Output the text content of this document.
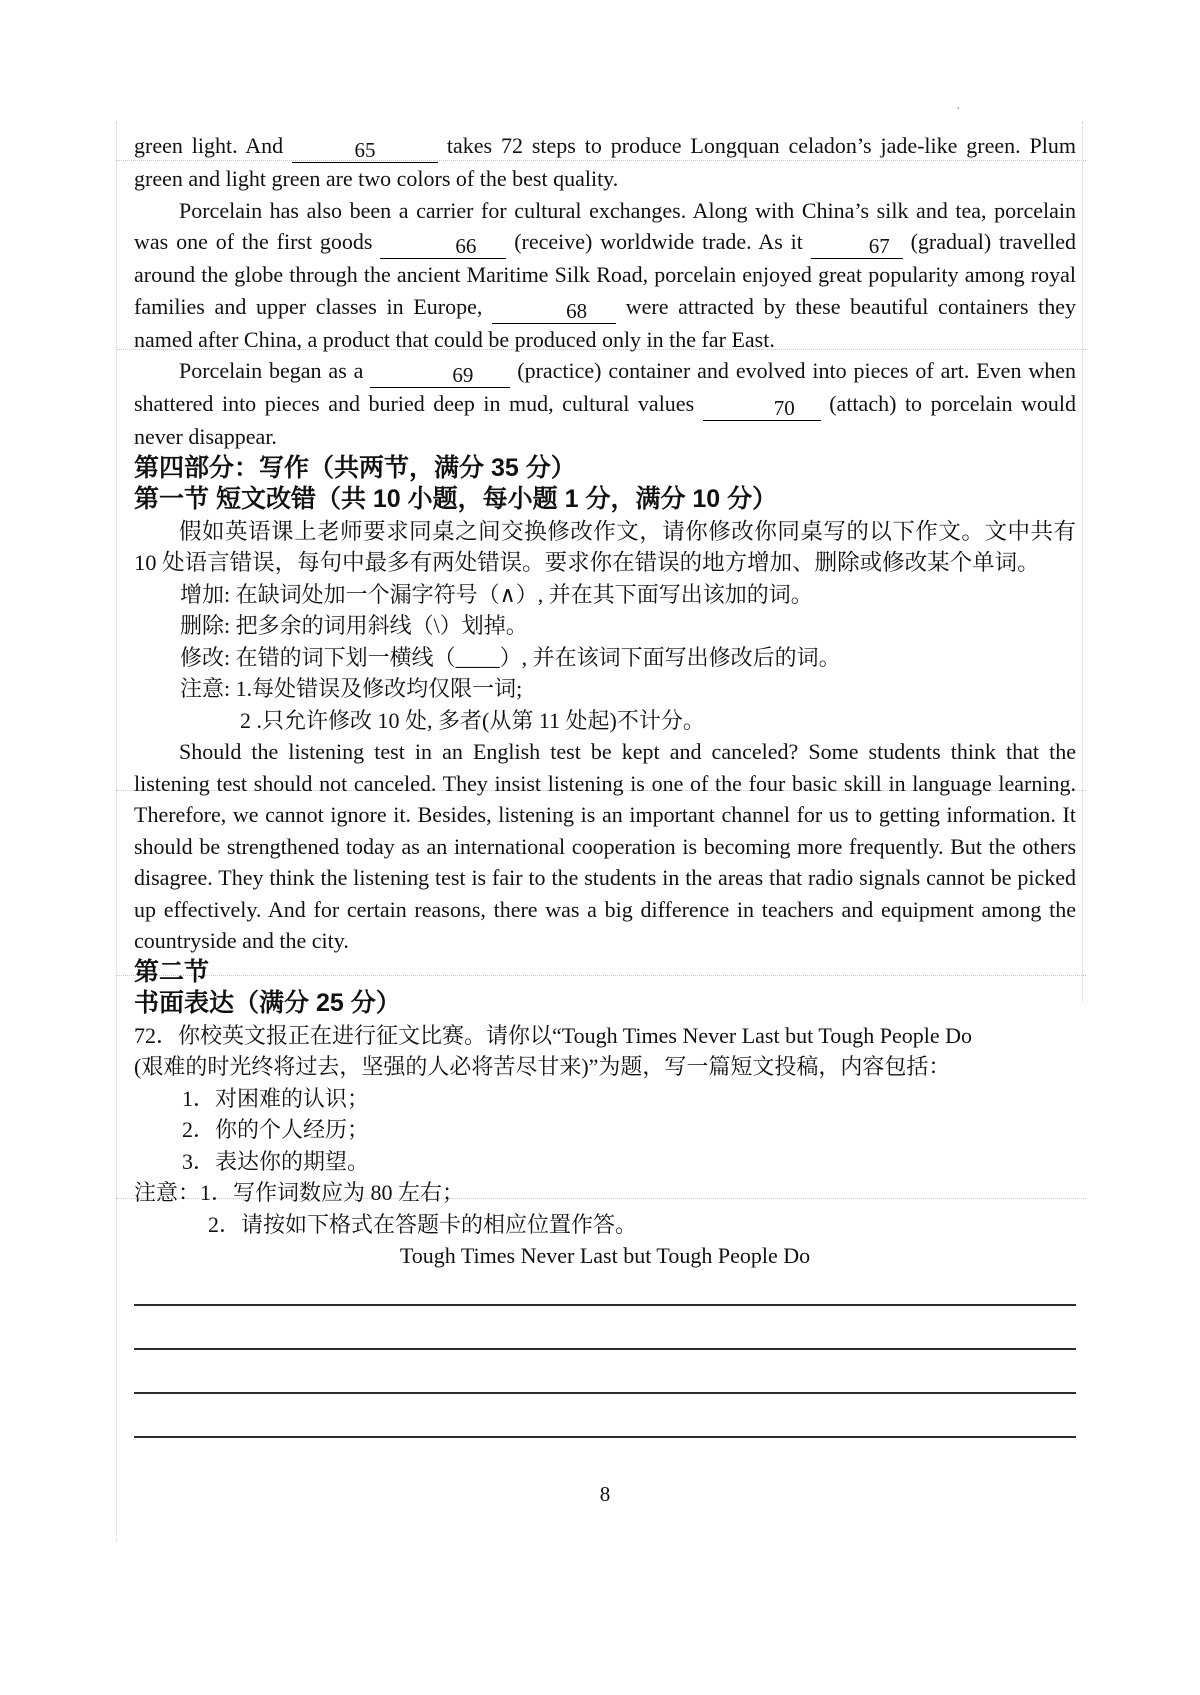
·

green light. And	65	takes 72 steps to produce Longquan celadon’s jade-like green. Plum green and light green are two colors of the best quality.

Porcelain has also been a carrier for cultural exchanges. Along with China’s silk and tea, porcelain was one of the first goods	66 (receive) worldwide trade. As it	67 (gradual) travelled around the globe through the ancient Maritime Silk Road, porcelain enjoyed great popularity among royal families and upper classes in Europe,	68 were attracted by these beautiful containers they named after China, a product that could be produced only in the far East.

Porcelain began as a	69 (practice) container and evolved into pieces of art. Even when shattered into pieces and buried deep in mud, cultural values	70 (attach) to porcelain would never disappear.

第四部分：写作（共两节，满分 35 分）
第一节 短文改错（共 10 小题，每小题 1 分，满分 10 分）

假如英语课上老师要求同桌之间交换修改作文，请你修改你同桌写的以下作文。文中共有 10 处语言错误，每句中最多有两处错误。要求你在错误的地方增加、删除或修改某个单词。

增加: 在缺词处加一个漏字符号（∧）, 并在其下面写出该加的词。
删除: 把多余的词用斜线（\）划掉。
修改: 在错的词下划一横线（____）, 并在该词下面写出修改后的词。
注意: 1.每处错误及修改均仅限一词;
2 .只允许修改 10 处, 多者(从第 11 处起)不计分。

Should the listening test in an English test be kept and canceled? Some students think that the listening test should not canceled. They insist listening is one of the four basic skill in language learning. Therefore, we cannot ignore it. Besides, listening is an important channel for us to getting information. It should be strengthened today as an international cooperation is becoming more frequently. But the others disagree. They think the listening test is fair to the students in the areas that radio signals cannot be picked up effectively. And for certain reasons, there was a big difference in teachers and equipment among the countryside and the city.

第二节
书面表达（满分 25 分）
72．你校英文报正在进行征文比赛。请你以“Tough Times Never Last but Tough People Do
(艰难的时光终将过去，坚强的人必将苦尽甘来)”为题，写一篇短文投稿，内容包括：
1．对困难的认识；
2．你的个人经历；
3．表达你的期望。
注意：1．写作词数应为 80 左右；
2．请按如下格式在答题卡的相应位置作答。
Tough Times Never Last but Tough People Do
8
